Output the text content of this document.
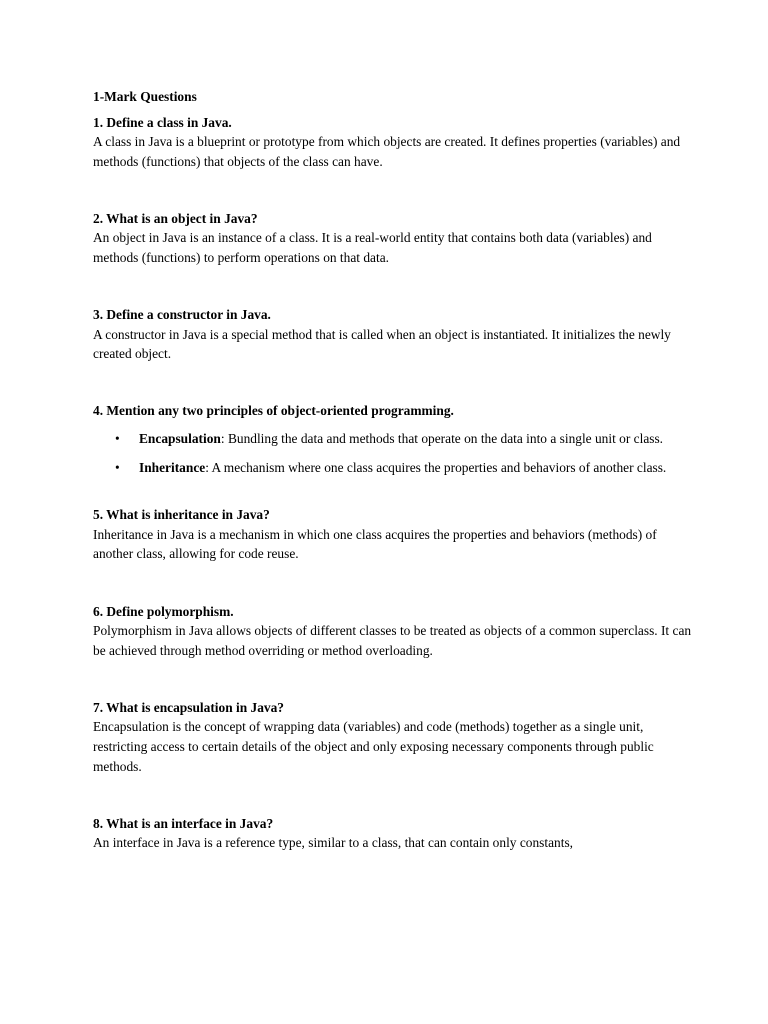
1-Mark Questions

1. Define a class in Java.

A class in Java is a blueprint or prototype from which objects are created. It defines properties (variables) and methods (functions) that objects of the class can have.

2. What is an object in Java?

An object in Java is an instance of a class. It is a real-world entity that contains both data (variables) and methods (functions) to perform operations on that data.

3. Define a constructor in Java.

A constructor in Java is a special method that is called when an object is instantiated. It initializes the newly created object.

4. Mention any two principles of object-oriented programming.

• Encapsulation: Bundling the data and methods that operate on the data into a single unit or class.
• Inheritance: A mechanism where one class acquires the properties and behaviors of another class.

5. What is inheritance in Java?

Inheritance in Java is a mechanism in which one class acquires the properties and behaviors (methods) of another class, allowing for code reuse.

6. Define polymorphism.

Polymorphism in Java allows objects of different classes to be treated as objects of a common superclass. It can be achieved through method overriding or method overloading.

7. What is encapsulation in Java?

Encapsulation is the concept of wrapping data (variables) and code (methods) together as a single unit, restricting access to certain details of the object and only exposing necessary components through public methods.

8. What is an interface in Java?

An interface in Java is a reference type, similar to a class, that can contain only constants,
